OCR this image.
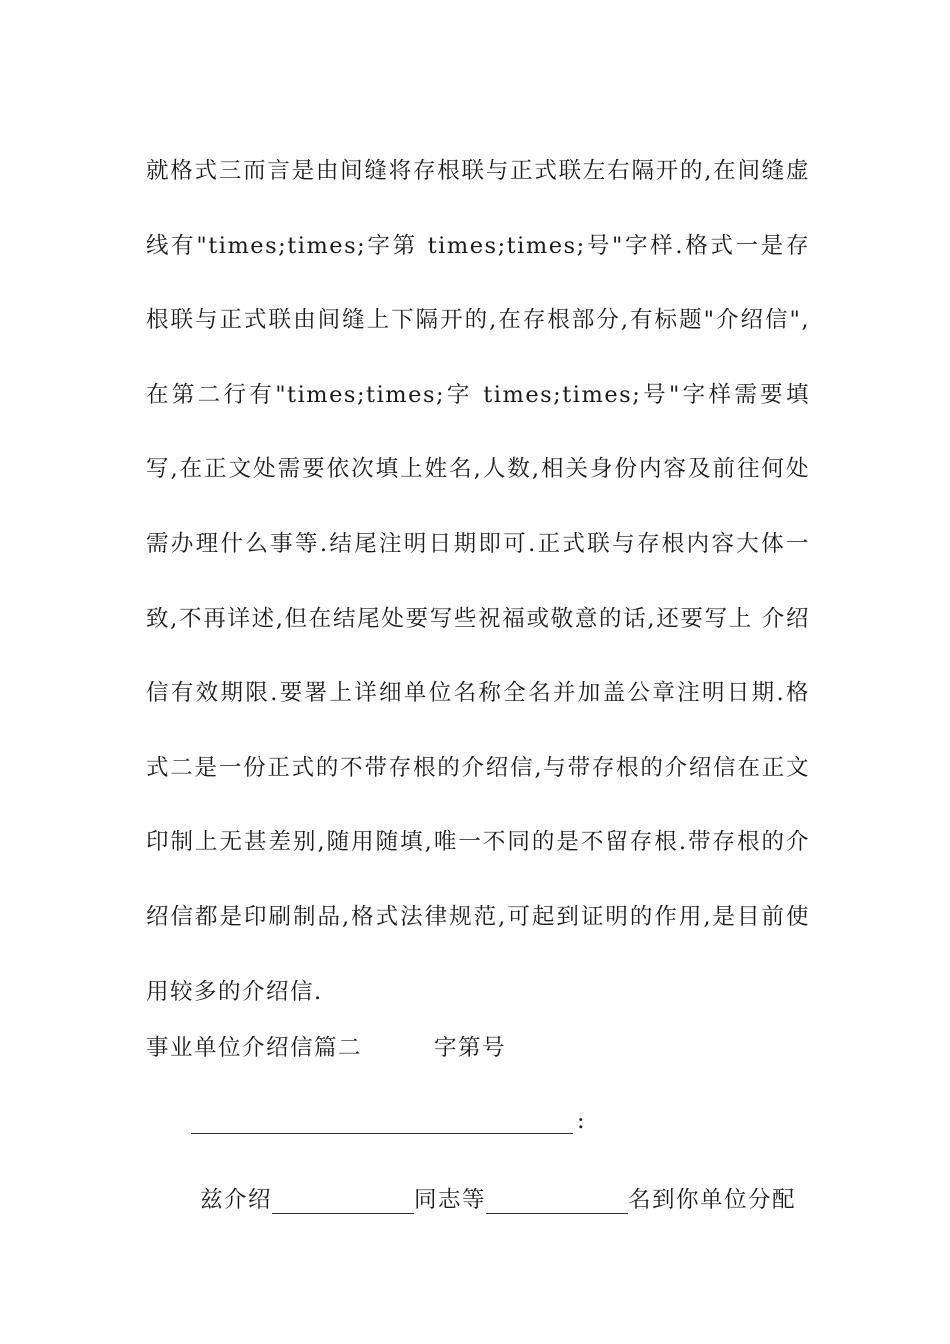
就格式三而言是由间缝将存根联与正式联左右隔开的,在间缝虚线有"times;times;字第 times;times;号"字样.格式一是存根联与正式联由间缝上下隔开的,在存根部分,有标题"介绍信",在第二行有"times;times;字 times;times;号"字样需要填写,在正文处需要依次填上姓名,人数,相关身份内容及前往何处需办理什么事等.结尾注明日期即可.正式联与存根内容大体一致,不再详述,但在结尾处要写些祝福或敬意的话,还要写上 介绍信有效期限.要署上详细单位名称全名并加盖公章注明日期.格式二是一份正式的不带存根的介绍信,与带存根的介绍信在正文印制上无甚差别,随用随填,唯一不同的是不留存根.带存根的介绍信都是印刷制品,格式法律规范,可起到证明的作用,是目前使用较多的介绍信.

事业单位介绍信篇二	字第号
:
兹介绍	同志等	名到你单位分配
